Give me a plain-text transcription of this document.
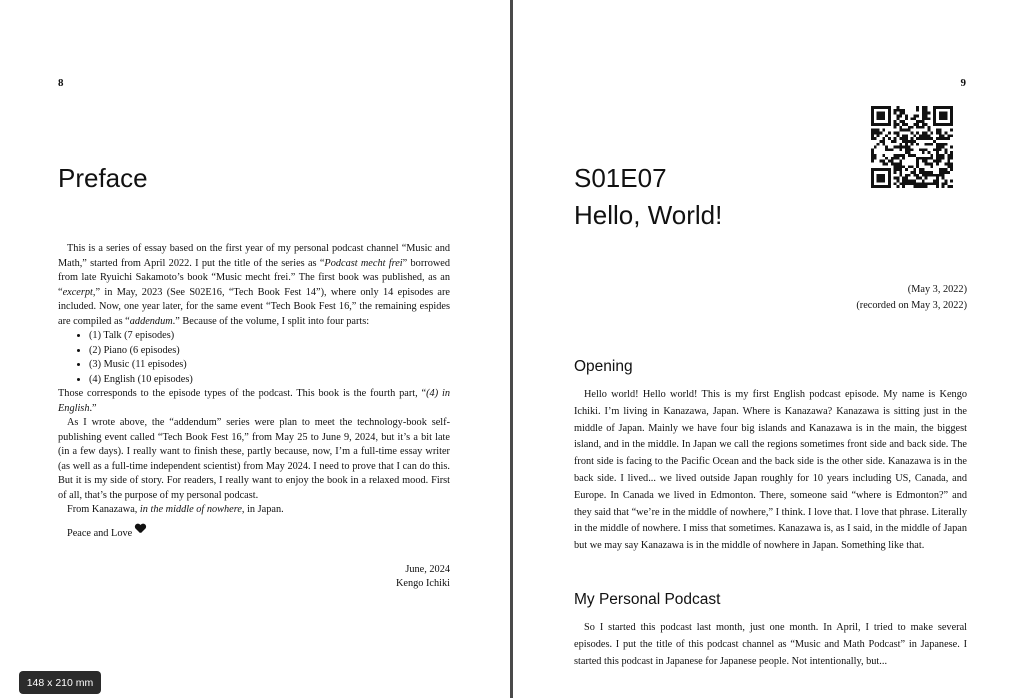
8
Preface

This is a series of essay based on the first year of my personal podcast channel “Music and Math,” started from April 2022. I put the title of the series as “Podcast mecht frei” borrowed from late Ryuichi Sakamoto’s book “Music mecht frei.” The first book was published, as an “excerpt,” in May, 2023 (See S02E16, “Tech Book Fest 14”), where only 14 episodes are included. Now, one year later, for the same event “Tech Book Fest 16,” the remaining espides are compiled as “addendum.” Because of the volume, I split into four parts:

• (1) Talk (7 episodes)
• (2) Piano (6 episodes)
• (3) Music (11 episodes)
• (4) English (10 episodes)

Those corresponds to the episode types of the podcast. This book is the fourth part, “(4) in English.”

As I wrote above, the “addendum” series were plan to meet the technology-book self-publishing event called “Tech Book Fest 16,” from May 25 to June 9, 2024, but it’s a bit late (in a few days). I really want to finish these, partly because, now, I’m a full-time essay writer (as well as a full-time independent scientist) from May 2024. I need to prove that I can do this. But it is my side of story. For readers, I really want to enjoy the book in a relaxed mood. First of all, that’s the purpose of my personal podcast.

From Kanazawa, in the middle of nowhere, in Japan.

Peace and Love
June, 2024
Kengo Ichiki
9
S01E07
Hello, World!
(May 3, 2022)
(recorded on May 3, 2022)
Opening

Hello world! Hello world! This is my first English podcast episode. My name is Kengo Ichiki. I’m living in Kanazawa, Japan. Where is Kanazawa? Kanazawa is sitting just in the middle of Japan. Mainly we have four big islands and Kanazawa is in the main, the biggest island, and in the middle. In Japan we call the regions sometimes front side and back side. The front side is facing to the Pacific Ocean and the back side is the other side. Kanazawa is in the back side. I lived... we lived outside Japan roughly for 10 years including US, Canada, and Europe. In Canada we lived in Edmonton. There, someone said “where is Edmonton?” and they said that “we’re in the middle of nowhere,” I think. I love that. I love that phrase. Literally in the middle of nowhere. I miss that sometimes. Kanazawa is, as I said, in the middle of Japan but we may say Kanazawa is in the middle of nowhere in Japan. Something like that.

My Personal Podcast

So I started this podcast last month, just one month. In April, I tried to make several episodes. I put the title of this podcast channel as “Music and Math Podcast” in Japanese. I started this podcast in Japanese for Japanese people. Not intentionally, but...

148 x 210 mm
